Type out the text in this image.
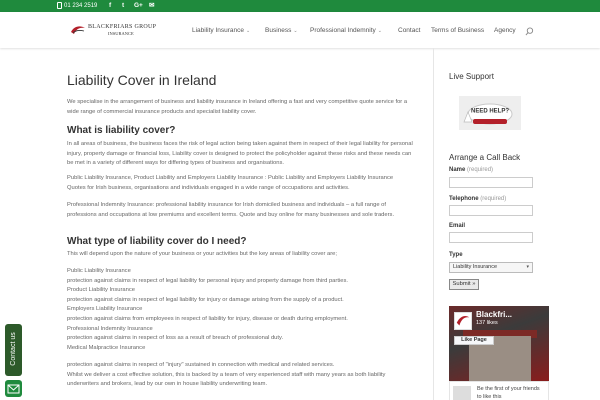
01 234 2519 f t G+ ✉
BLACKFRIARS GROUP
INSURANCE	Liability Insurance ⌄ Business ⌄ Professional Indemnity ⌄ Contact Terms of Business Agency
Liability Cover in Ireland

We specialise in the arrangement of business and liability insurance in Ireland offering a fast and very competitive quote service for a wide range of commercial insurance products and specialist liability cover.

What is liability cover?

In all areas of business, the business faces the risk of legal action being taken against them in respect of their legal liability for personal injury, property damage or financial loss, Liability cover is designed to protect the policyholder against these risks and these needs can be met in a variety of different ways for differing types of business and organisations.

Public Liability Insurance, Product Liability and Employers Liability Insurance : Public Liability and Employers Liability Insurance Quotes for Irish business, organisations and individuals engaged in a wide range of occupations and activities.

Professional Indemnity Insurance: professional liability insurance for Irish domiciled business and individuals – a full range of professions and occupations at low premiums and excellent terms. Quote and buy online for many businesses and sole traders.

What type of liability cover do I need?

This will depend upon the nature of your business or your activities but the key areas of liability cover are;

Public Liability Insurance

protection against claims in respect of legal liability for personal injury and property damage from third parties.

Product Liability Insurance

protection against claims in respect of legal liability for injury or damage arising from the supply of a product.

Employers Liability Insurance

protection against claims from employees in respect of liability for injury, disease or death during employment.

Professional Indemnity Insurance

protection against claims in respect of loss as a result of breach of professional duty.

Medical Malpractice Insurance

protection against claims in respect of "injury" sustained in connection with medical and related services.

Whilst we deliver a cost effective solution, this is backed by a team of very experienced staff with many years as both liability underwriters and brokers, lead by our own in house liability underwriting team.

Live Support
NEED HELP?
Arrange a Call Back
Name (required)
Telephone (required)
Email
Type
Liability Insurance	▾
Submit »
Blackfri...
137 likes
Like Page
Be the first of your friends to like this
Contact us
